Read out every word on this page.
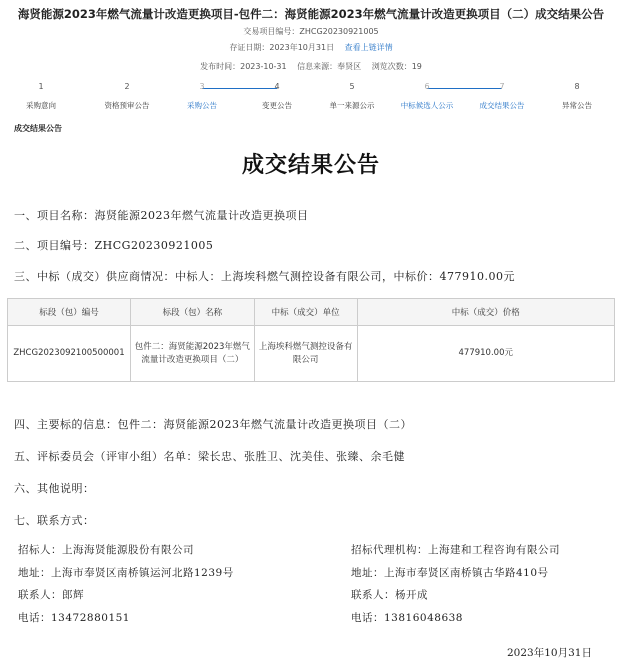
海贤能源2023年燃气流量计改造更换项目-包件二：海贤能源2023年燃气流量计改造更换项目（二）成交结果公告
交易项目编号：ZHCG20230921005
存证日期：2023年10月31日 查看上链详情
发布时间：2023-10-31 信息来源：奉贤区 浏览次数：19
1
采购意向
2
资格预审公告
3
采购公告
4
变更公告
5
单一来源公示
6
中标候选人公示
7
成交结果公告
8
异常公告
成交结果公告
成交结果公告
一、项目名称：海贤能源2023年燃气流量计改造更换项目
二、项目编号：ZHCG20230921005
三、中标（成交）供应商情况：中标人：上海埃科燃气测控设备有限公司，中标价：477910.00元
标段（包）编号	标段（包）名称	中标（成交）单位	中标（成交）价格
ZHCG2023092100500001	包件二：海贤能源2023年燃气流量计改造更换项目（二）	上海埃科燃气测控设备有限公司	477910.00元
四、主要标的信息：包件二：海贤能源2023年燃气流量计改造更换项目（二）
五、评标委员会（评审小组）名单：梁长忠、张胜卫、沈美佳、张臻、余毛健
六、其他说明：
七、联系方式：
招标人：上海海贤能源股份有限公司
地址：上海市奉贤区南桥镇运河北路1239号
联系人：郎辉
电话：13472880151
招标代理机构：上海建和工程咨询有限公司
地址：上海市奉贤区南桥镇古华路410号
联系人：杨开成
电话：13816048638
2023年10月31日
